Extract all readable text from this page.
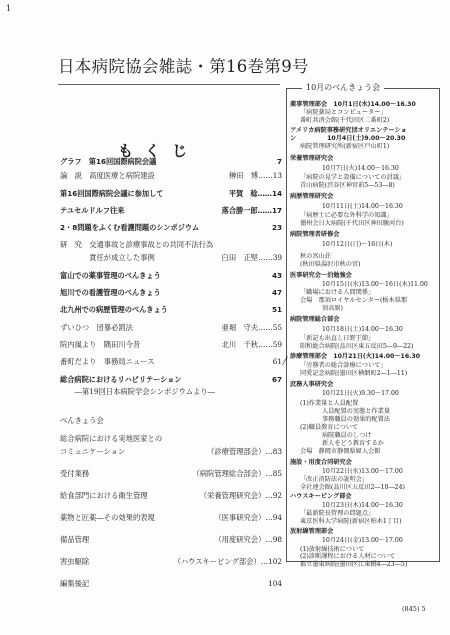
1
日本病院協会雑誌・第16巻第9号
もくじ
グラフ　第16回国際病院会議	7
論　説　高度医療と病院建設	榊田　博……13
第16回国際病院会議に参加して	平賀　稔……14
テユセルドルフ往来	落合勝一郎……17
2・8問題をふくむ看護問題のシンポジウム	23
研　究　交通事故と診療事故との共同不法行為
　　　　責任が成立した事例	臼田　正堅……39
富山での薬事管理のべんきょう	43
旭川での看護管理のべんきょう	47
北九州での病歴管理のべんきょう	51
ずいひつ　団暴必罰法	亜堀　守夫……55
院内風より　隅田川今昔	北川　千秋……59
番町だより　事務局ニュース	61
総合病院におけるリハビリテーション	67
　　―第19回日本病院学会シンポジウムより―
べんきょう会
総合病院における実地医家との
コミュニケーション	（診療管理部会）…83
受付業務	（病院管理総合部会）…85
給食部門における衛生管理	（栄養管理研究会）…92
薬物と匠薬―その効果的表現	（医事研究会）…94
備品管理	（用度研究会）…98
害虫駆除	（ハウスキーピング部会）…102
編集後記	104
10月のべんきょう会
薬事管理部会　10月1日(水)14.00～16.30
「病院薬局とコンピューター」
番町共済会館(千代田区二番町2)
アメリカ病院事務研究団オリエンテーショ
ン　　　　　10月4日(土)9.00～20.30
病院管理研究所(新宿区戸山町1)
栄養管理研究会
10月7日(火)14.00～16.30
「病院の見学と設備についての討議」
青山病院(渋谷区神宮前5―53―8)
病歴管理研究会
10月11日(土)14.00～16.30
「病歴士に必要な外科学の知識」
徳州会日大病院(千代田区神田駿河台)
病院管理者研修会
10月12日(日)～16日(木)
秋の宮山荘
(秋田県湯沢市秋の宮)
医事研究会一泊勉強会
10月15日(水)13.00～16日(木)11.00
「職場における人間関係」
会場　那須ロイヤルセンター(栃木県那
須高原)
病院管理総合部会
10月18日(土)14.00～16.30
「新記も出直し日野王節」
昭和総合病院(品川区東五反田5―9―22)
診療管理部会　10月21日(火)14.00～16.30
「労務者の総合診療について」
同愛記念病院(墨田区横網町2―1―11)
庶務人事研究会
10月21日(火)9.30～17.00
(1)作業量と人員配置
人員配置の実態と作業量
事務職員の効果的配置法
(2)職員教育について
病院職員のしつけ
新人をどう教育するか
会場　静岡市静岡県婦人会館
施設・用度合同研究会
10月22日(水)13.00～17.00
「改正消防法の説明会」
全社連会館(品川区五反田2―10―24)
ハウスキーピング部会
10月23日(木)14.00～16.30
「最新院長管理の問題点」
東京医科大学病院(新宿区柏木1丁目)
放射線管理部会
10月24日(金)13.00～17.00
(1)放射線技術について
(2)診断課程における人材について
都立墨東病院(墨田区江東橋4―23―5)
〳
(845) 5
